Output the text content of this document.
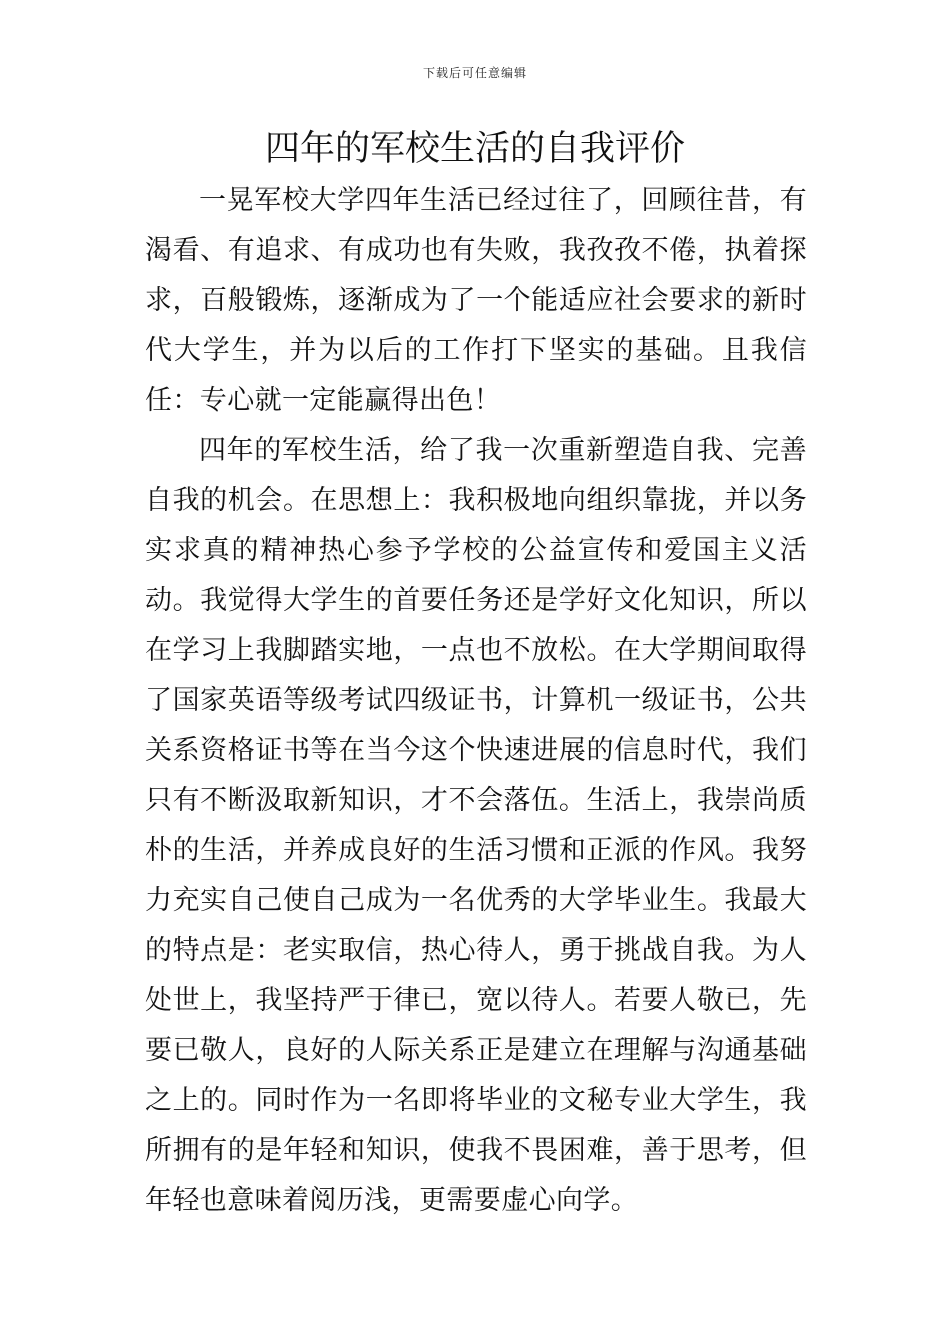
下载后可任意编辑
四年的军校生活的自我评价

一晃军校大学四年生活已经过往了，回顾往昔，有渴看、有追求、有成功也有失败，我孜孜不倦，执着探求，百般锻炼，逐渐成为了一个能适应社会要求的新时代大学生，并为以后的工作打下坚实的基础。且我信任：专心就一定能赢得出色！

四年的军校生活，给了我一次重新塑造自我、完善自我的机会。在思想上：我积极地向组织靠拢，并以务实求真的精神热心参予学校的公益宣传和爱国主义活动。我觉得大学生的首要任务还是学好文化知识，所以在学习上我脚踏实地，一点也不放松。在大学期间取得了国家英语等级考试四级证书，计算机一级证书，公共关系资格证书等在当今这个快速进展的信息时代，我们只有不断汲取新知识，才不会落伍。生活上，我崇尚质朴的生活，并养成良好的生活习惯和正派的作风。我努力充实自己使自己成为一名优秀的大学毕业生。我最大的特点是：老实取信，热心待人，勇于挑战自我。为人处世上，我坚持严于律已，宽以待人。若要人敬已，先要已敬人，良好的人际关系正是建立在理解与沟通基础之上的。同时作为一名即将毕业的文秘专业大学生，我所拥有的是年轻和知识，使我不畏困难，善于思考，但年轻也意味着阅历浅，更需要虚心向学。
